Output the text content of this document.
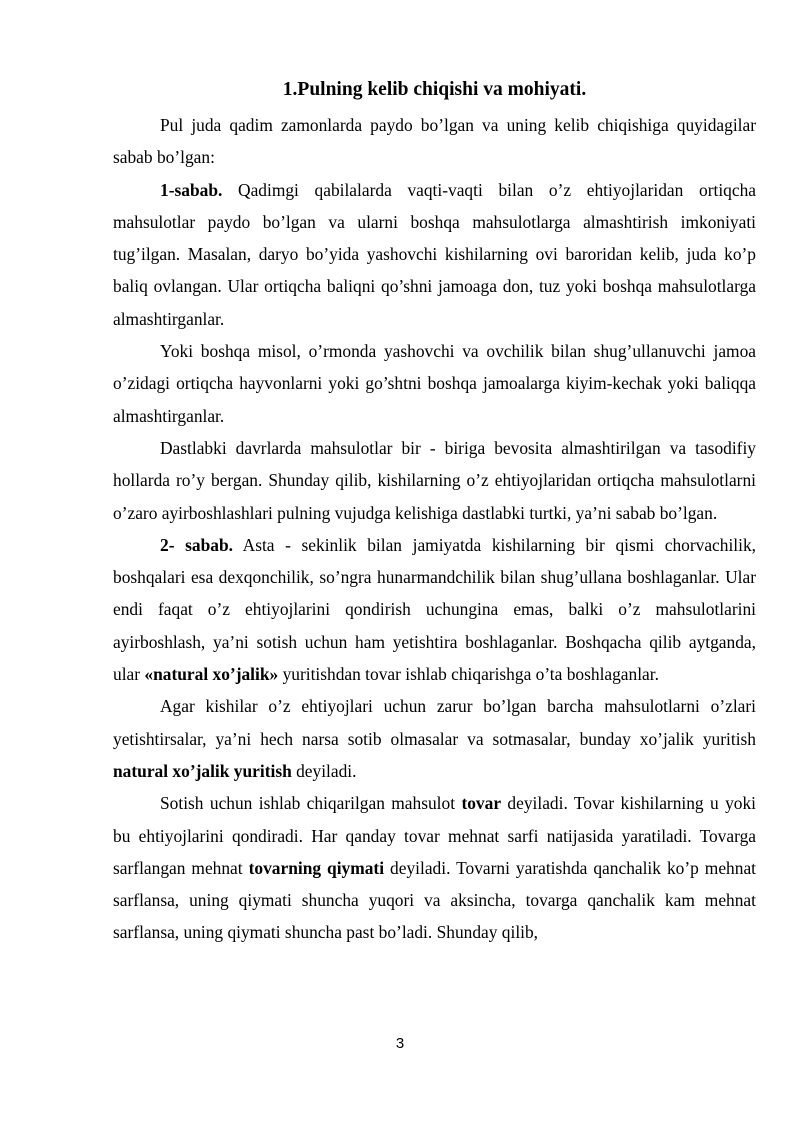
1.Pulning kelib chiqishi va mohiyati.

Pul juda qadim zamonlarda paydo bo’lgan va uning kelib chiqishiga quyidagilar sabab bo’lgan:

1-sabab. Qadimgi qabilalarda vaqti-vaqti bilan o’z ehtiyojlaridan ortiqcha mahsulotlar paydo bo’lgan va ularni boshqa mahsulotlarga almashtirish imkoniyati tug’ilgan. Masalan, daryo bo’yida yashovchi kishilarning ovi baroridan kelib, juda ko’p baliq ovlangan. Ular ortiqcha baliqni qo’shni jamoaga don, tuz yoki boshqa mahsulotlarga almashtirganlar.

Yoki boshqa misol, o’rmonda yashovchi va ovchilik bilan shug’ullanuvchi jamoa o’zidagi ortiqcha hayvonlarni yoki go’shtni boshqa jamoalarga kiyim-kechak yoki baliqqa almashtirganlar.

Dastlabki davrlarda mahsulotlar bir - biriga bevosita almashtirilgan va tasodifiy hollarda ro’y bergan. Shunday qilib, kishilarning o’z ehtiyojlaridan ortiqcha mahsulotlarni o’zaro ayirboshlashlari pulning vujudga kelishiga dastlabki turtki, ya’ni sabab bo’lgan.

2- sabab. Asta - sekinlik bilan jamiyatda kishilarning bir qismi chorvachilik, boshqalari esa dexqonchilik, so’ngra hunarmandchilik bilan shug’ullana boshlaganlar. Ular endi faqat o’z ehtiyojlarini qondirish uchungina emas, balki o’z mahsulotlarini ayirboshlash, ya’ni sotish uchun ham yetishtira boshlaganlar. Boshqacha qilib aytganda, ular «natural xo’jalik» yuritishdan tovar ishlab chiqarishga o’ta boshlaganlar.

Agar kishilar o’z ehtiyojlari uchun zarur bo’lgan barcha mahsulotlarni o’zlari yetishtirsalar, ya’ni hech narsa sotib olmasalar va sotmasalar, bunday xo’jalik yuritish natural xo’jalik yuritish deyiladi.

Sotish uchun ishlab chiqarilgan mahsulot tovar deyiladi. Tovar kishilarning u yoki bu ehtiyojlarini qondiradi. Har qanday tovar mehnat sarfi natijasida yaratiladi. Tovarga sarflangan mehnat tovarning qiymati deyiladi. Tovarni yaratishda qanchalik ko’p mehnat sarflansa, uning qiymati shuncha yuqori va aksincha, tovarga qanchalik kam mehnat sarflansa, uning qiymati shuncha past bo’ladi. Shunday qilib,

3
